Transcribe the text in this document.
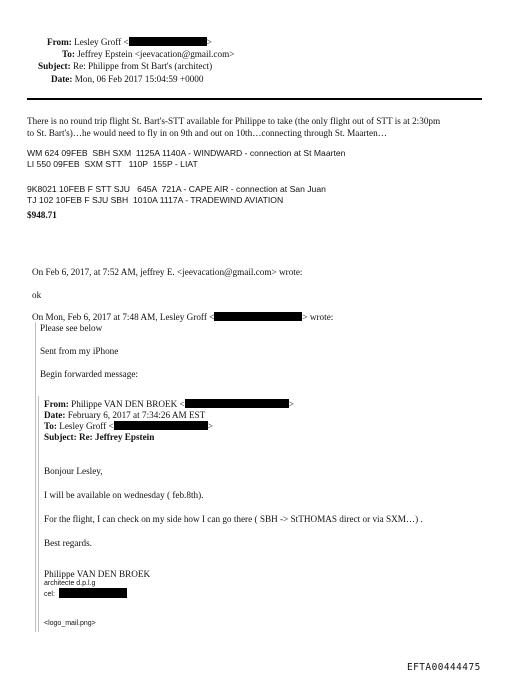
From: Lesley Groff <	>
To: Jeffrey Epstein <jeevacation@gmail.com>
Subject: Re: Philippe from St Bart's (architect)
Date: Mon, 06 Feb 2017 15:04:59 +0000
There is no round trip flight St. Bart's-STT available for Philippe to take (the only flight out of STT is at 2:30pm
to St. Bart's)…he would need to fly in on 9th and out on 10th…connecting through St. Maarten…
WM 624 09FEB  SBH SXM  1125A 1140A - WINDWARD - connection at St Maarten
LI 550 09FEB  SXM STT   110P  155P - LIAT
9K8021 10FEB F STT SJU   645A  721A - CAPE AIR - connection at San Juan
TJ 102 10FEB F SJU SBH  1010A 1117A - TRADEWIND AVIATION
$948.71
On Feb 6, 2017, at 7:52 AM, jeffrey E. <jeevacation@gmail.com> wrote:
ok
On Mon, Feb 6, 2017 at 7:48 AM, Lesley Groff <	> wrote:
Please see below
Sent from my iPhone
Begin forwarded message:
From: Philippe VAN DEN BROEK <	>
Date: February 6, 2017 at 7:34:26 AM EST
To: Lesley Groff <	>
Subject: Re: Jeffrey Epstein
Bonjour Lesley,
I will be available on wednesday ( feb.8th).
For the flight, I can check on my side how I can go there ( SBH -> StTHOMAS direct or via SXM…) .
Best regards.
Philippe VAN DEN BROEK
architecte d.p.l.g
cel:
<logo_mail.png>
EFTA00444475
